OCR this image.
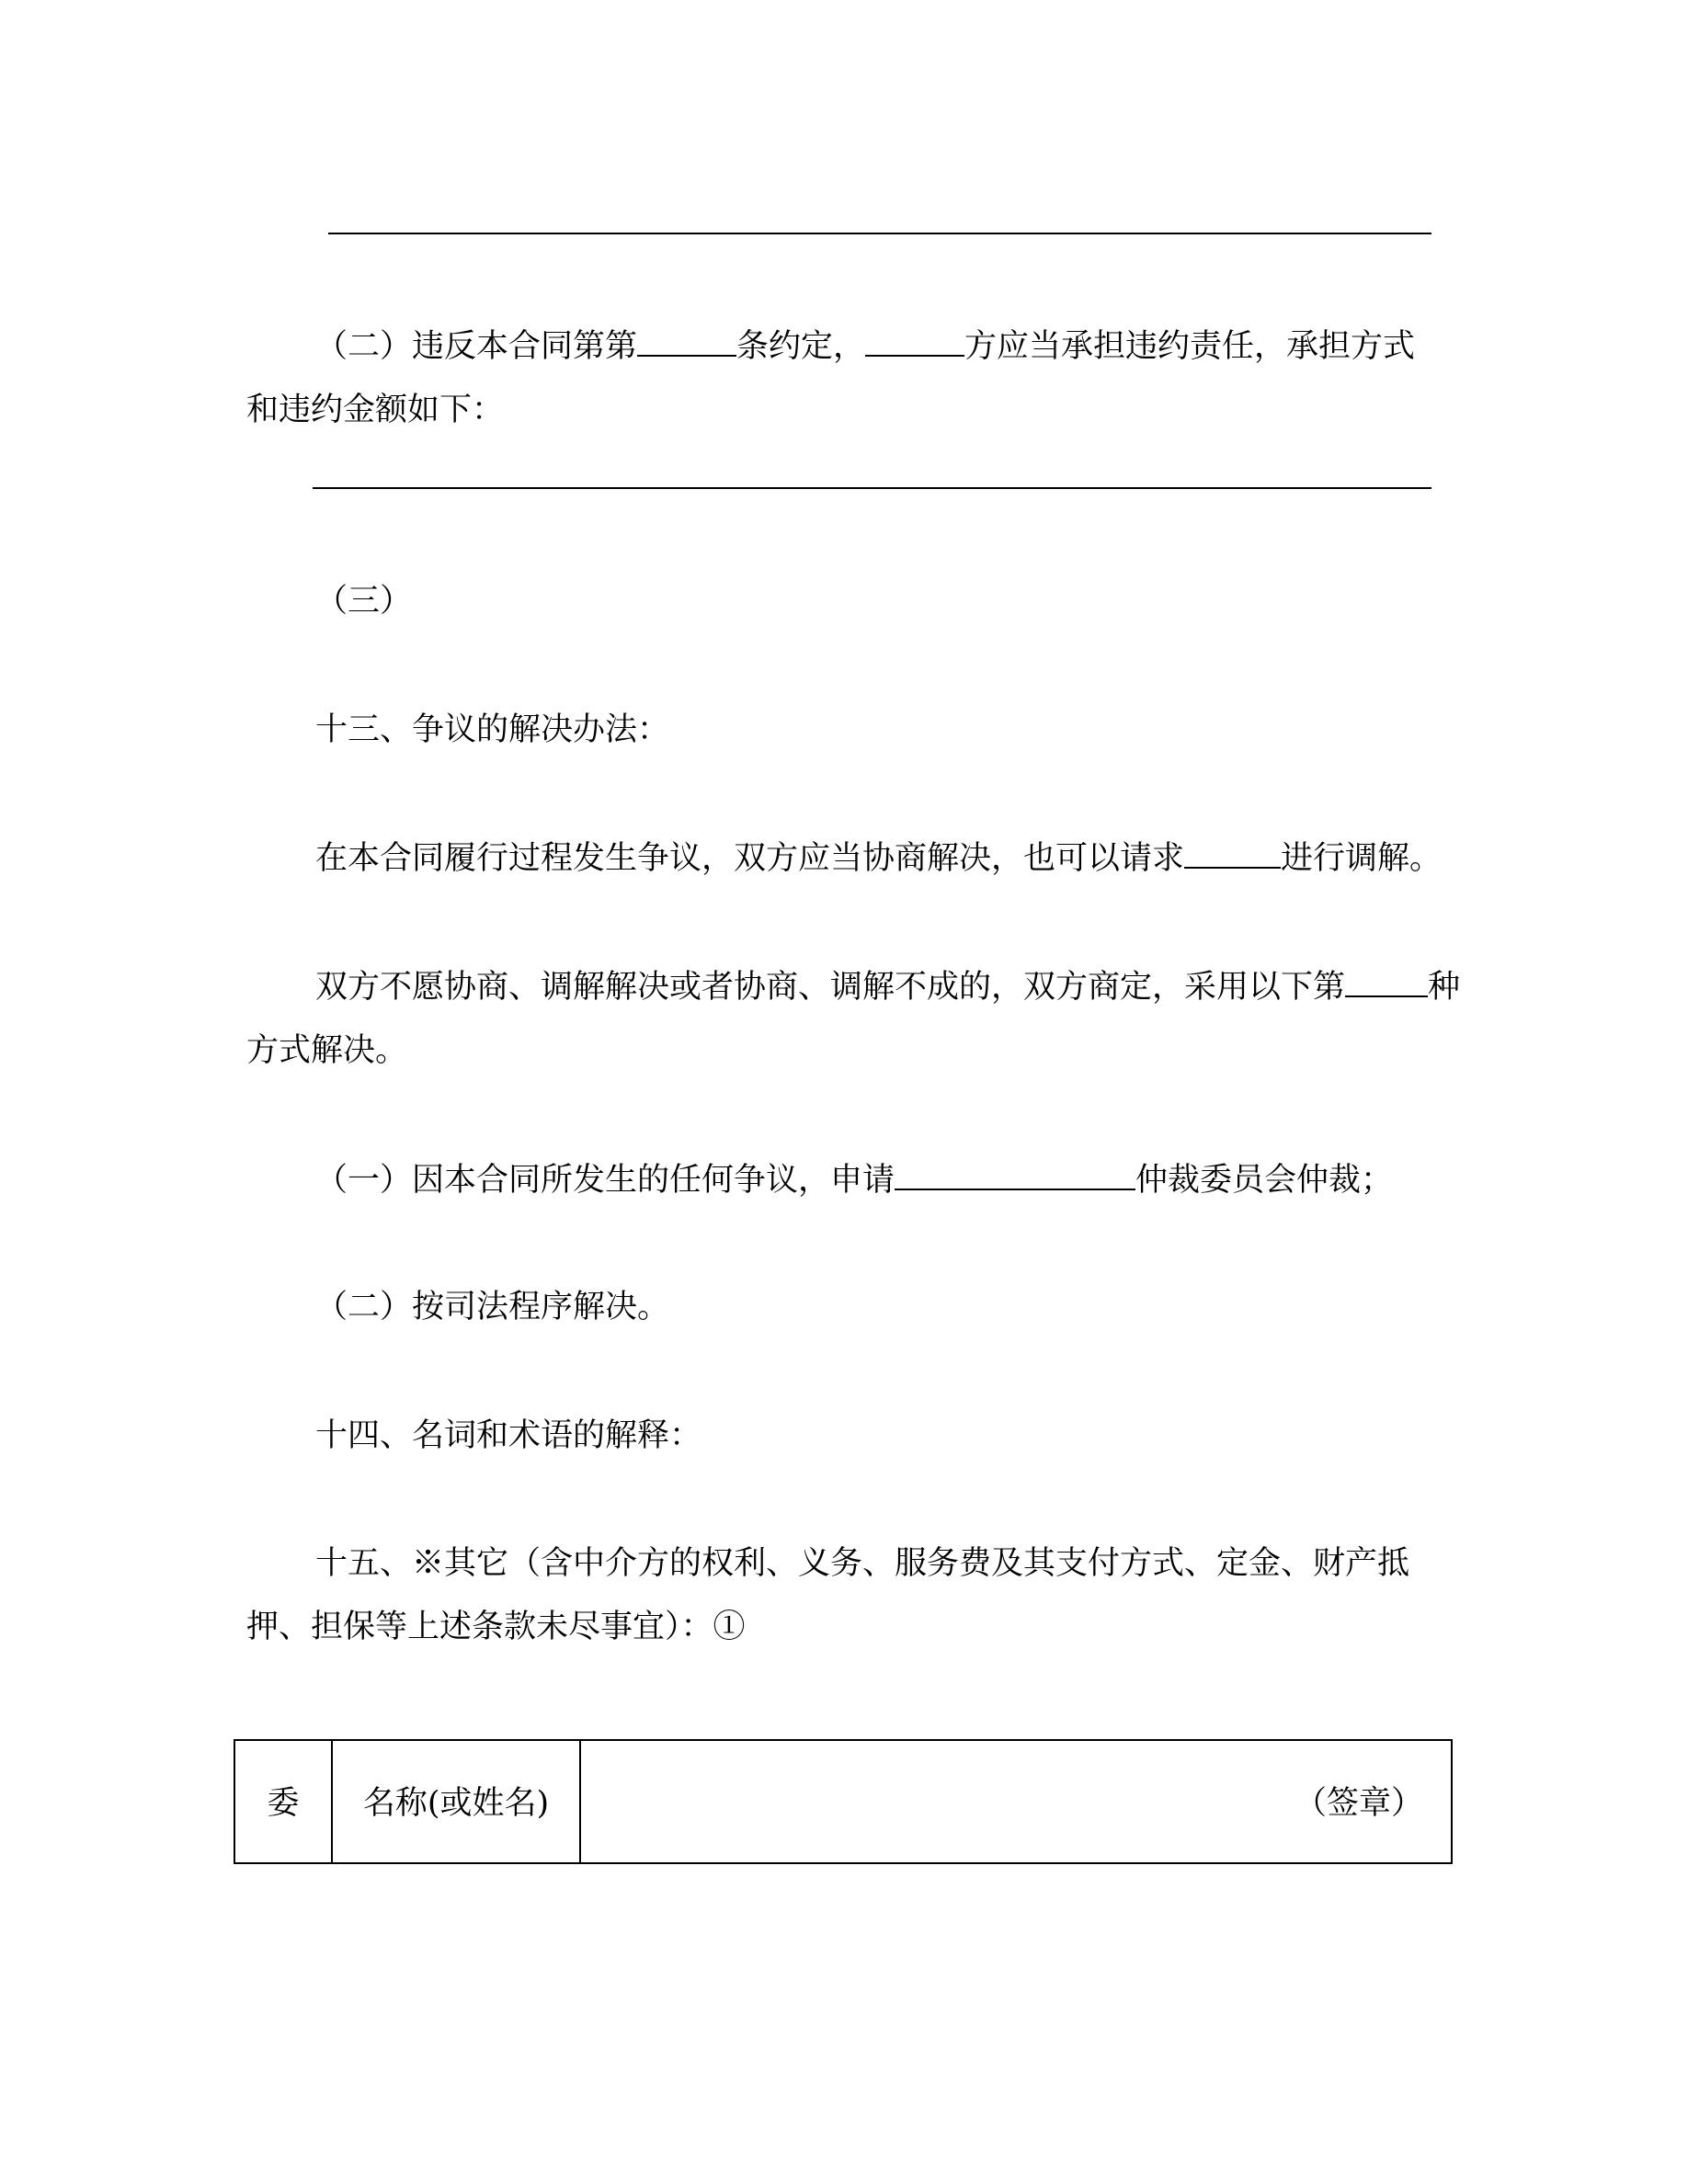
（二）违反本合同第第	条约定，	方应当承担违约责任，承担方式
和违约金额如下：
（三）
十三、争议的解决办法：
在本合同履行过程发生争议，双方应当协商解决，也可以请求	进行调解。
双方不愿协商、调解解决或者协商、调解不成的，双方商定，采用以下第	种
方式解决。
（一）因本合同所发生的任何争议，申请	仲裁委员会仲裁；
（二）按司法程序解决。
十四、名词和术语的解释：
十五、※其它（含中介方的权利、义务、服务费及其支付方式、定金、财产抵
押、担保等上述条款未尽事宜）：①
委	名称(或姓名)	（签章）
